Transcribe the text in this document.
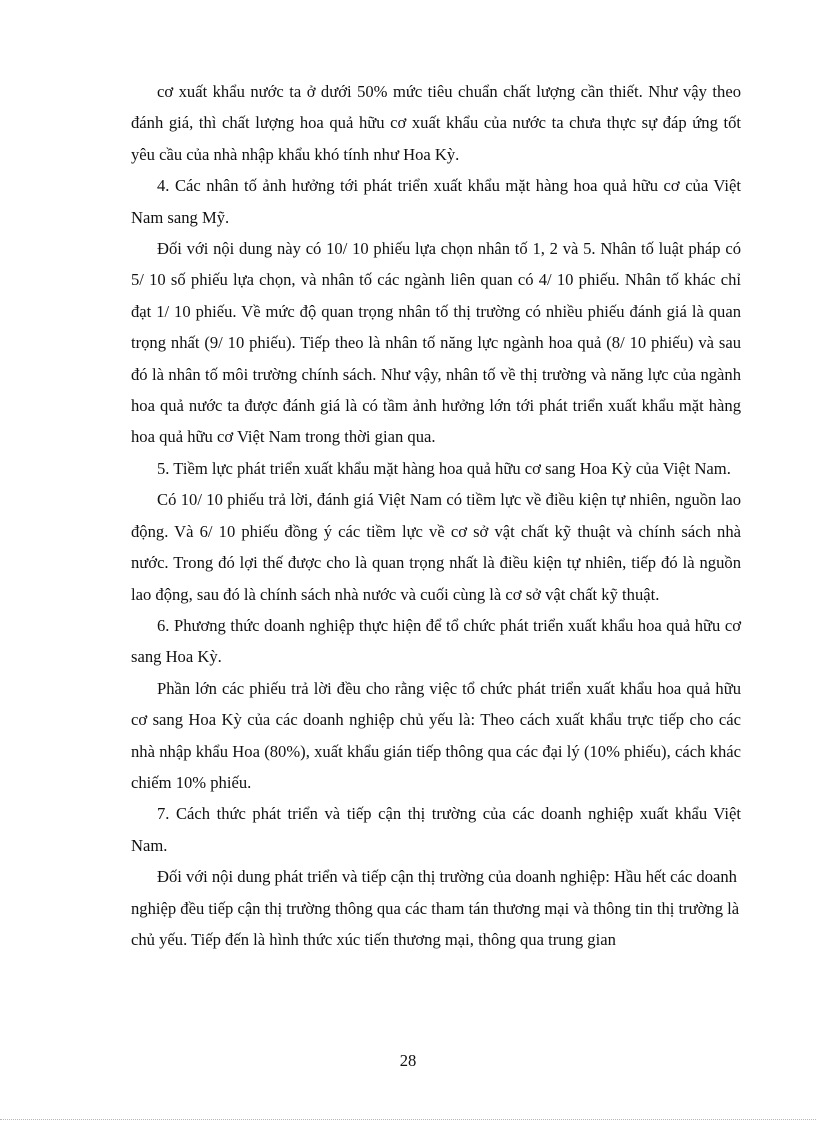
cơ xuất khẩu nước ta ở dưới 50% mức tiêu chuẩn chất lượng cần thiết. Như vậy theo đánh giá, thì chất lượng hoa quả hữu cơ xuất khẩu của nước ta chưa thực sự đáp ứng tốt yêu cầu của nhà nhập khẩu khó tính như Hoa Kỳ.

4. Các nhân tố ảnh hưởng tới phát triển xuất khẩu mặt hàng hoa quả hữu cơ của Việt Nam sang Mỹ.

Đối với nội dung này có 10/ 10 phiếu lựa chọn nhân tố 1, 2 và 5. Nhân tố luật pháp có 5/ 10 số phiếu lựa chọn, và nhân tố các ngành liên quan có 4/ 10 phiếu. Nhân tố khác chỉ đạt 1/ 10 phiếu. Về mức độ quan trọng nhân tố thị trường có nhiều phiếu đánh giá là quan trọng nhất (9/ 10 phiếu). Tiếp theo là nhân tố năng lực ngành hoa quả (8/ 10 phiếu) và sau đó là nhân tố môi trường chính sách. Như vậy, nhân tố về thị trường và năng lực của ngành hoa quả nước ta được đánh giá là có tầm ảnh hưởng lớn tới phát triển xuất khẩu mặt hàng hoa quả hữu cơ Việt Nam trong thời gian qua.

5. Tiềm lực phát triển xuất khẩu mặt hàng hoa quả hữu cơ sang Hoa Kỳ của Việt Nam.

Có 10/ 10 phiếu trả lời, đánh giá Việt Nam có tiềm lực về điều kiện tự nhiên, nguồn lao động. Và 6/ 10 phiếu đồng ý các tiềm lực về cơ sở vật chất kỹ thuật và chính sách nhà nước. Trong đó lợi thế được cho là quan trọng nhất là điều kiện tự nhiên, tiếp đó là nguồn lao động, sau đó là chính sách nhà nước và cuối cùng là cơ sở vật chất kỹ thuật.

6. Phương thức doanh nghiệp thực hiện để tổ chức phát triển xuất khẩu hoa quả hữu cơ sang Hoa Kỳ.

Phần lớn các phiếu trả lời đều cho rằng việc tổ chức phát triển xuất khẩu hoa quả hữu cơ sang Hoa Kỳ của các doanh nghiệp chủ yếu là: Theo cách xuất khẩu trực tiếp cho các nhà nhập khẩu Hoa (80%), xuất khẩu gián tiếp thông qua các đại lý (10% phiếu), cách khác chiếm 10% phiếu.

7. Cách thức phát triển và tiếp cận thị trường của các doanh nghiệp xuất khẩu Việt Nam.

Đối với nội dung phát triển và tiếp cận thị trường của doanh nghiệp: Hầu hết các doanh nghiệp đều tiếp cận thị trường thông qua các tham tán thương mại và thông tin thị trường là chủ yếu. Tiếp đến là hình thức xúc tiến thương mại, thông qua trung gian

28
